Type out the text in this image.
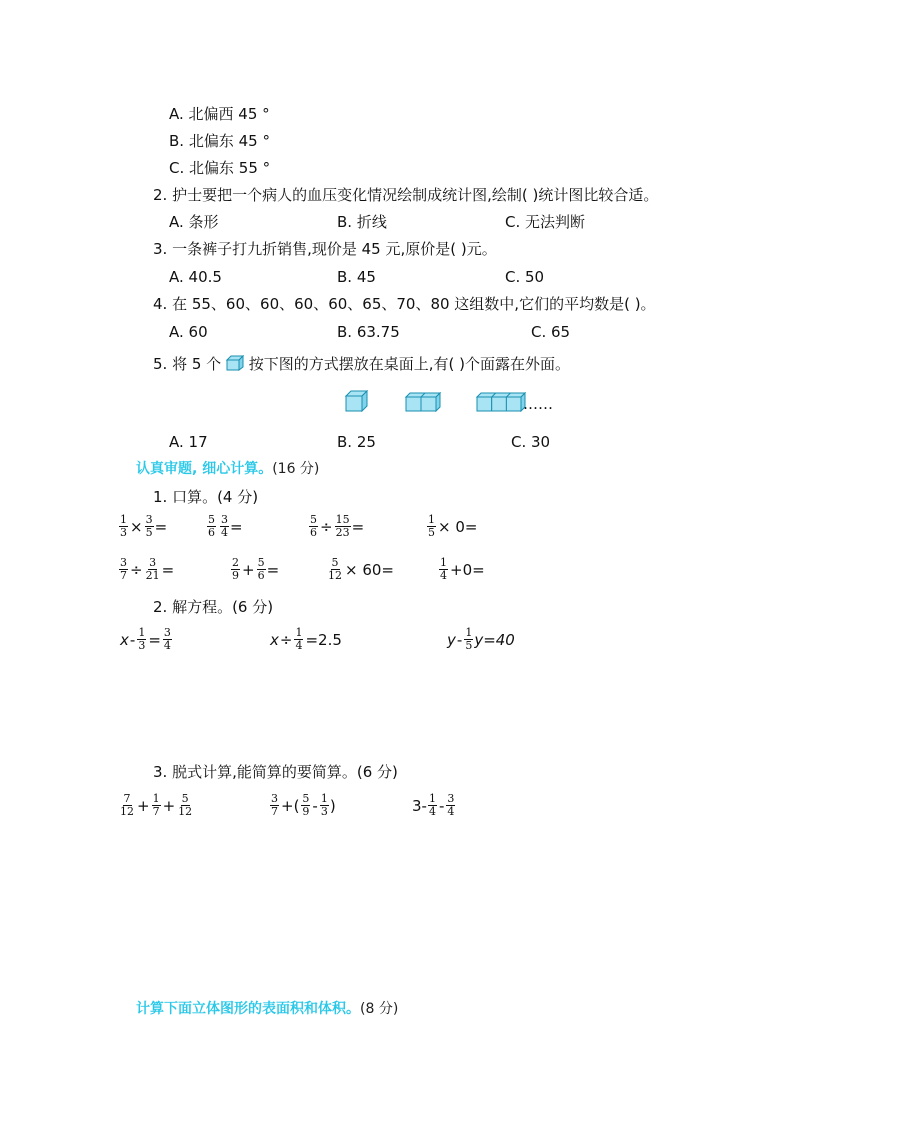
A. 北偏西 45 °
B. 北偏东 45 °
C. 北偏东 55 °
2. 护士要把一个病人的血压变化情况绘制成统计图,绘制( )统计图比较合适。
A. 条形	B. 折线	C. 无法判断
3. 一条裤子打九折销售,现价是 45 元,原价是( )元。
A. 40.5	B. 45	C. 50
4. 在 55、60、60、60、60、65、70、80 这组数中,它们的平均数是( )。
A. 60	B. 63.75	C. 65
5. 将 5 个 按下图的方式摆放在桌面上,有( )个面露在外面。
……
A. 17	B. 25	C. 30
认真审题, 细心计算。(16 分)
1. 口算。(4 分)
$\frac{1}{3} \times \frac{3}{5}$ =	$\frac{5}{6} \frac{3}{4}$ =	$\frac{5}{6} \div \frac{15}{23}$ =	$\frac{1}{5} \times 0=$
$\frac{3}{7} \div \frac{3}{21}$ =	$\frac{2}{9} + \frac{5}{6}$ =	$\frac{5}{12} \times 60=$	$\frac{1}{4} +0=$
2. 解方程。(6 分)
$x - \frac{1}{3} = \frac{3}{4}$	$x \div \frac{1}{4} =2.5$	$y - \frac{1}{5} y=40$
3. 脱式计算,能简算的要简算。(6 分)
$\frac{7}{12} + \frac{1}{7} + \frac{5}{12}$	$\frac{3}{7}$ +( $\frac{5}{9} - \frac{1}{3}$ )	$3- \frac{1}{4} - \frac{3}{4}$
计算下面立体图形的表面积和体积。(8 分)
